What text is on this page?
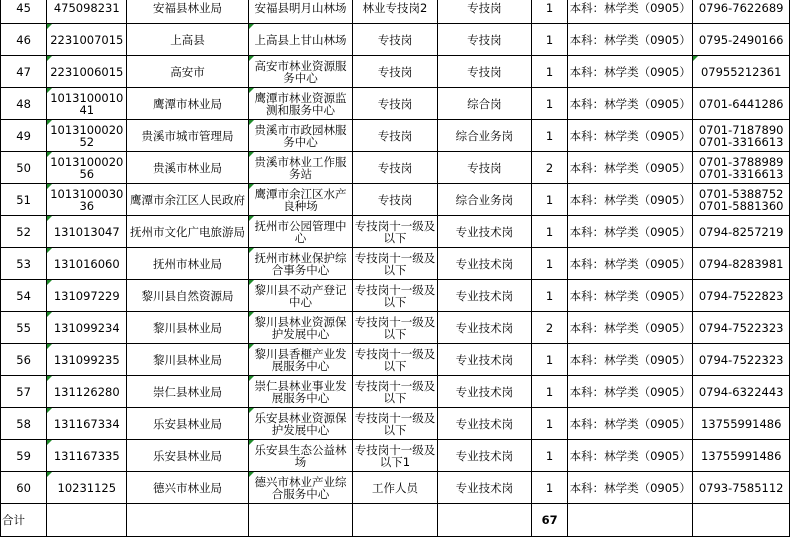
45	475098231	安福县林业局	安福县明月山林场	林业专技岗2	专技岗	1	本科：林学类（0905）	0796-7622689
46	2231007015	上高县	上高县上甘山林场	专技岗	专技岗	1	本科：林学类（0905）	0795-2490166
47	2231006015	高安市	高安市林业资源服务中心	专技岗	专技岗	1	本科：林学类（0905）	07955212361

48	101310001041	鹰潭市林业局	鹰潭市林业资源监测和服务中心	专技岗	综合岗	1	本科：林学类（0905）	0701-6441286
49	101310002052	贵溪市城市管理局	贵溪市市政园林服务中心	专技岗	综合业务岗	1	本科：林学类（0905）	0701-7187890 0701-3316613
50	101310002056	贵溪市林业局	贵溪市林业工作服务站	专技岗	专技岗	2	本科：林学类（0905）	0701-3788989 0701-3316613
51	101310003036	鹰潭市余江区人民政府	鹰潭市余江区水产良种场	专技岗	综合业务岗	1	本科：林学类（0905）	0701-5388752 0701-5881360
52	131013047	抚州市文化广电旅游局	抚州市公园管理中心	专技岗十一级及以下	专业技术岗	1	本科：林学类（0905）	0794-8257219
53	131016060	抚州市林业局	抚州市林业保护综合事务中心	专技岗十一级及以下	专业技术岗	1	本科：林学类（0905）	0794-8283981
54	131097229	黎川县自然资源局	黎川县不动产登记中心	专技岗十一级及以下	专业技术岗	1	本科：林学类（0905）	0794-7522823
55	131099234	黎川县林业局	黎川县林业资源保护发展中心	专技岗十一级及以下	专业技术岗	2	本科：林学类（0905）	0794-7522323
56	131099235	黎川县林业局	黎川县香榧产业发展服务中心	专技岗十一级及以下	专业技术岗	1	本科：林学类（0905）	0794-7522323
57	131126280	崇仁县林业局	崇仁县林业事业发展服务中心	专技岗十一级及以下	专业技术岗	1	本科：林学类（0905）	0794-6322443
58	131167334	乐安县林业局	乐安县林业资源保护发展中心	专技岗十一级及以下	专业技术岗	1	本科：林学类（0905）	13755991486
59	131167335	乐安县林业局	乐安县生态公益林场	专技岗十一级及以下1	专业技术岗	1	本科：林学类（0905）	13755991486
60	10231125	德兴市林业局	德兴市林业产业综合服务中心	工作人员	专业技术岗	1	本科：林学类（0905）	0793-7585112
合计						67		
